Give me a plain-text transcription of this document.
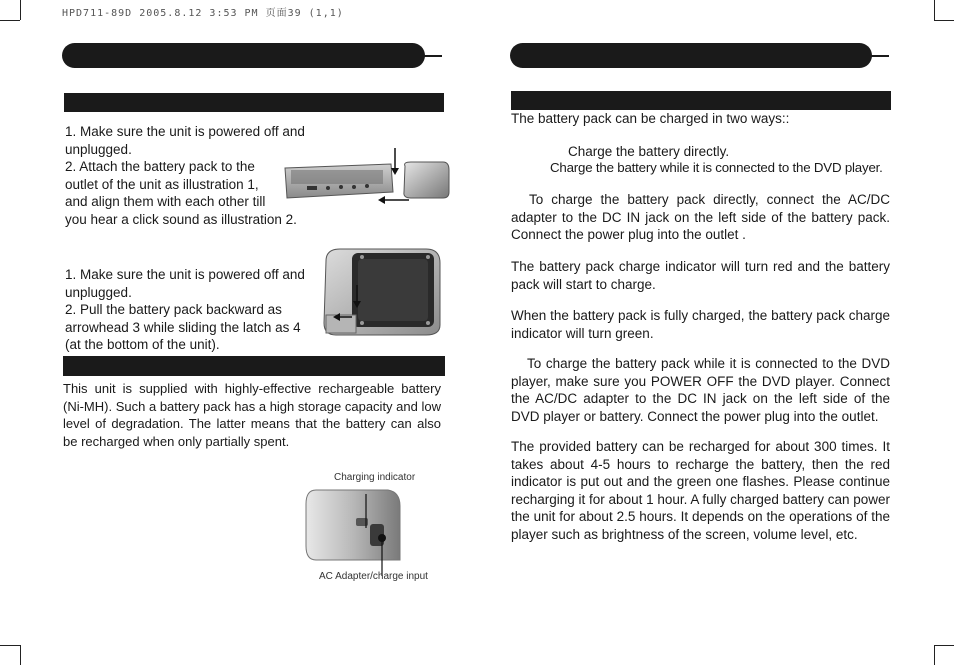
HPD711-89D 2005.8.12 3:53 PM 页面39 (1,1)
1. Make sure the unit is powered off and
unplugged.
2. Attach the battery pack to the
outlet of the unit as illustration 1,
and align them with each other till
you hear a click sound as illustration 2.
1. Make sure the unit is powered off and
unplugged.
2. Pull the battery pack backward as
arrowhead 3 while sliding the latch as 4
(at the bottom of the unit).

This unit is supplied with highly-effective rechargeable battery (Ni-MH). Such a battery pack has a high storage capacity and low level of degradation. The latter means that the battery can also be recharged when only partially spent.

Charging indicator
AC Adapter/charge input
The battery pack can be charged in two ways::
Charge the battery directly.
Charge the battery while it is connected to the DVD player.

To charge the battery pack directly, connect the AC/DC adapter to the DC IN jack on the left side of the battery pack. Connect the power plug into the outlet .

The battery pack charge indicator will turn red and the battery pack will start to charge.

When the battery pack is fully charged, the battery pack charge indicator will turn green.

To charge the battery pack while it is connected to the DVD player, make sure you POWER OFF the DVD player. Connect the AC/DC adapter to the DC IN jack on the left side of the DVD player or battery. Connect the power plug into the outlet.

The provided battery can be recharged for about 300 times. It takes about 4-5 hours to recharge the battery, then the red indicator is put out and the green one flashes. Please continue recharging it for about 1 hour. A fully charged battery can power the unit for about 2.5 hours. It depends on the operations of the player such as brightness of the screen, volume level, etc.
